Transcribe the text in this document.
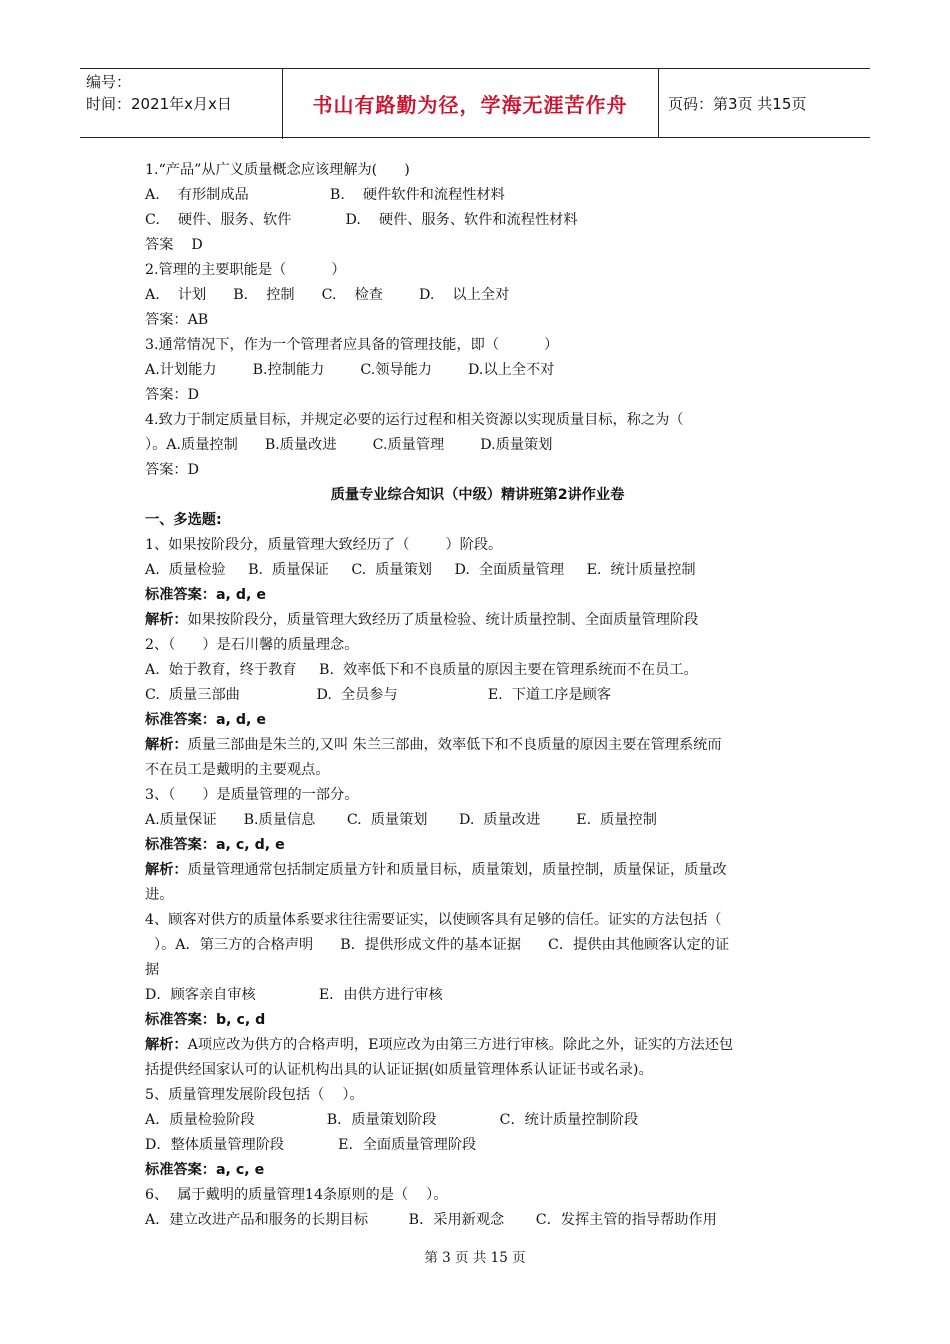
编号：
时间：2021年x月x日	书山有路勤为径，学海无涯苦作舟	页码：第3页 共15页
1.“产品”从广义质量概念应该理解为(      )
A.    有形制成品                  B.    硬件软件和流程性材料
C.    硬件、服务、软件            D.    硬件、服务、软件和流程性材料
答案    D
2.管理的主要职能是（          ）
A.    计划      B.    控制      C.    检查        D.    以上全对
答案：AB
3.通常情况下，作为一个管理者应具备的管理技能，即（          ）
A.计划能力        B.控制能力        C.领导能力        D.以上全不对
答案：D
4.致力于制定质量目标，并规定必要的运行过程和相关资源以实现质量目标，称之为（
）。A.质量控制      B.质量改进        C.质量管理        D.质量策划
答案：D
质量专业综合知识（中级）精讲班第2讲作业卷
一、多选题:
1、如果按阶段分，质量管理大致经历了（        ）阶段。
A.  质量检验     B.  质量保证     C.  质量策划     D.  全面质量管理     E.  统计质量控制
标准答案：a, d, e
解析：如果按阶段分，质量管理大致经历了质量检验、统计质量控制、全面质量管理阶段
2、（      ）是石川馨的质量理念。
A.  始于教育，终于教育     B.  效率低下和不良质量的原因主要在管理系统而不在员工。
C.  质量三部曲                 D.  全员参与                    E.  下道工序是顾客
标准答案：a, d, e
解析：质量三部曲是朱兰的,又叫 朱兰三部曲，效率低下和不良质量的原因主要在管理系统而
不在员工是戴明的主要观点。
3、（      ）是质量管理的一部分。
A.质量保证      B.质量信息       C.  质量策划       D.  质量改进        E.  质量控制
标准答案：a, c, d, e
解析：质量管理通常包括制定质量方针和质量目标，质量策划，质量控制，质量保证，质量改
进。
4、顾客对供方的质量体系要求往往需要证实，以使顾客具有足够的信任。证实的方法包括（
）。A．第三方的合格声明      B．提供形成文件的基本证据      C．提供由其他顾客认定的证
据
D．顾客亲自审核              E．由供方进行审核
标准答案：b, c, d
解析：A项应改为供方的合格声明，E项应改为由第三方进行审核。除此之外，证实的方法还包
括提供经国家认可的认证机构出具的认证证据(如质量管理体系认证证书或名录)。
5、质量管理发展阶段包括（    ）。
A．质量检验阶段                B．质量策划阶段              C．统计质量控制阶段
D．整体质量管理阶段            E．全面质量管理阶段
标准答案：a, c, e
6、  属于戴明的质量管理14条原则的是（    ）。
A．建立改进产品和服务的长期目标         B．采用新观念       C．发挥主管的指导帮助作用
第 3 页 共 15 页
